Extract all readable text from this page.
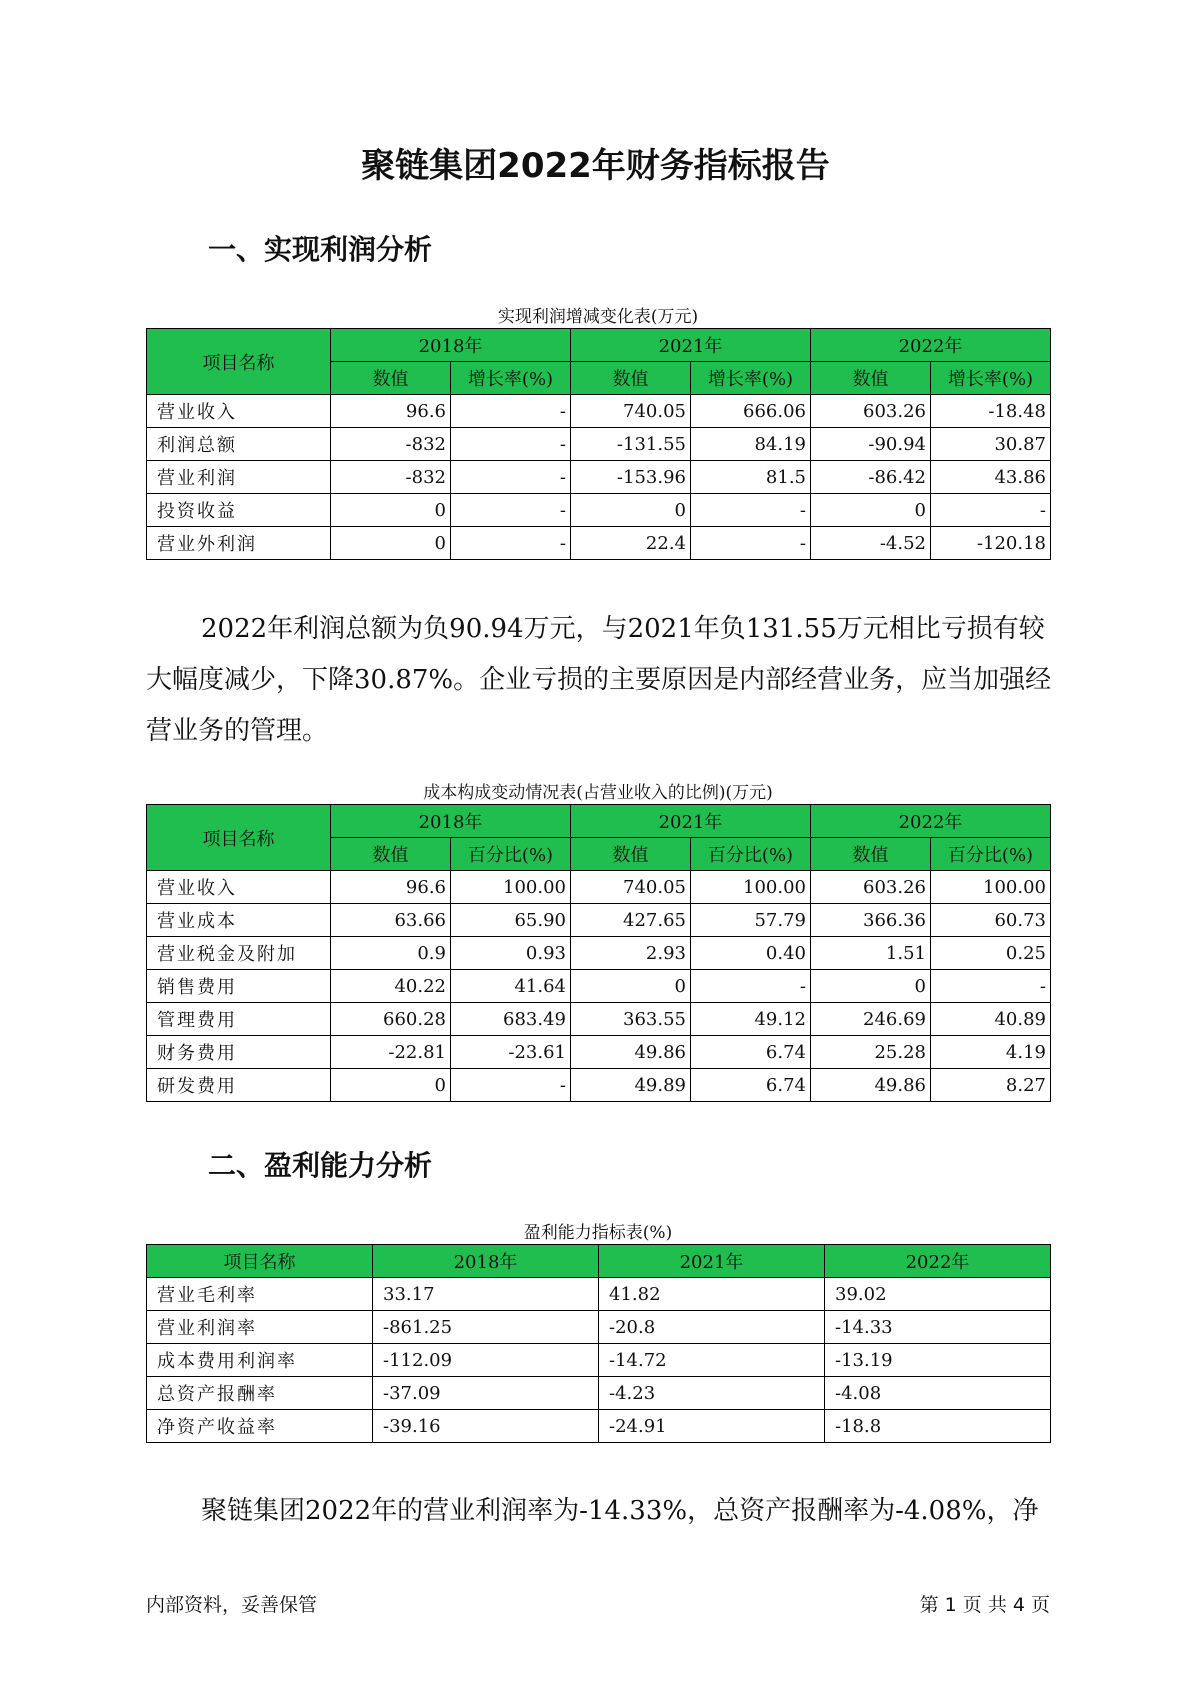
聚链集团2022年财务指标报告
一、实现利润分析
实现利润增减变化表(万元)
项目名称	2018年		2021年		2022年	
	数值	增长率(%)	数值	增长率(%)	数值	增长率(%)
营业收入	96.6	-	740.05	666.06	603.26	-18.48
利润总额	-832	-	-131.55	84.19	-90.94	30.87
营业利润	-832	-	-153.96	81.5	-86.42	43.86
投资收益	0	-	0	-	0	-
营业外利润	0	-	22.4	-	-4.52	-120.18
2022年利润总额为负90.94万元，与2021年负131.55万元相比亏损有较大幅度减少，下降30.87%。企业亏损的主要原因是内部经营业务，应当加强经营业务的管理。
成本构成变动情况表(占营业收入的比例)(万元)
项目名称	2018年		2021年		2022年	
	数值	百分比(%)	数值	百分比(%)	数值	百分比(%)
营业收入	96.6	100.00	740.05	100.00	603.26	100.00
营业成本	63.66	65.90	427.65	57.79	366.36	60.73
营业税金及附加	0.9	0.93	2.93	0.40	1.51	0.25
销售费用	40.22	41.64	0	-	0	-
管理费用	660.28	683.49	363.55	49.12	246.69	40.89
财务费用	-22.81	-23.61	49.86	6.74	25.28	4.19
研发费用	0	-	49.89	6.74	49.86	8.27
二、盈利能力分析
盈利能力指标表(%)
项目名称	2018年	2021年	2022年
营业毛利率	33.17	41.82	39.02
营业利润率	-861.25	-20.8	-14.33
成本费用利润率	-112.09	-14.72	-13.19
总资产报酬率	-37.09	-4.23	-4.08
净资产收益率	-39.16	-24.91	-18.8
聚链集团2022年的营业利润率为-14.33%，总资产报酬率为-4.08%，净
内部资料，妥善保管	第 1 页 共 4 页
